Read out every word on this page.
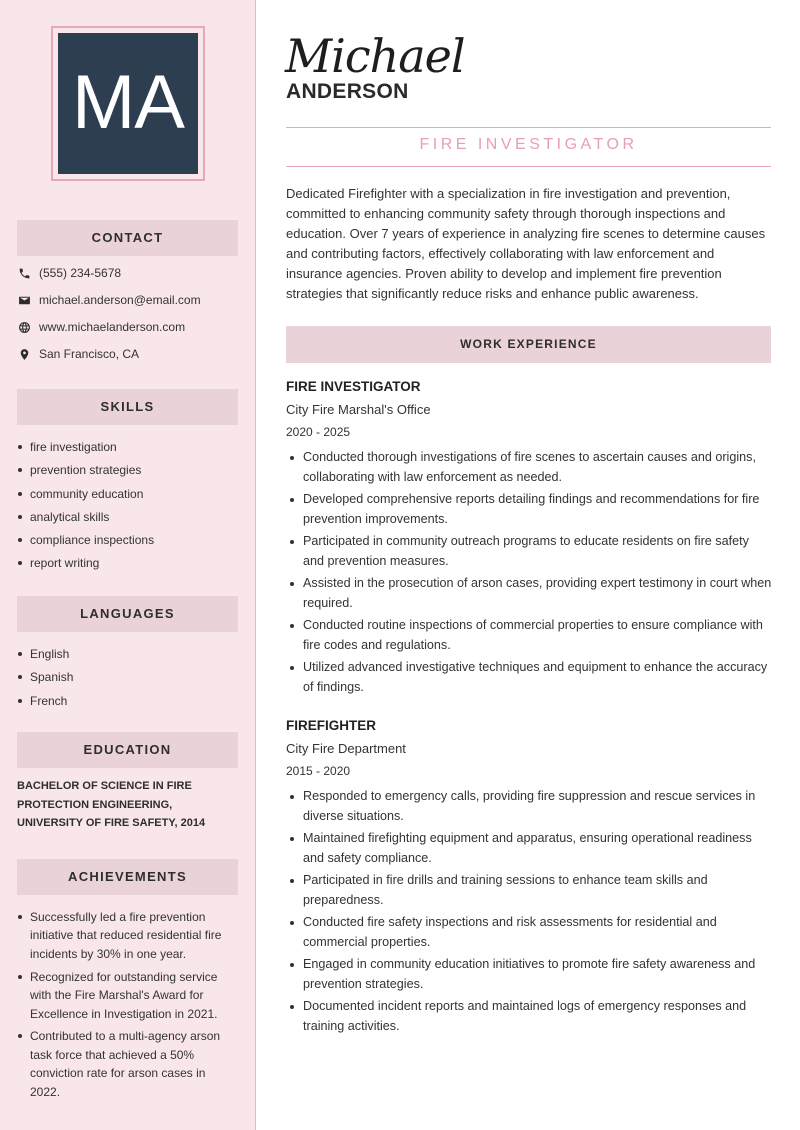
MA
CONTACT
(555) 234-5678
michael.anderson@email.com
www.michaelanderson.com
San Francisco, CA
SKILLS
fire investigation
prevention strategies
community education
analytical skills
compliance inspections
report writing
LANGUAGES
English
Spanish
French
EDUCATION
BACHELOR OF SCIENCE IN FIRE
PROTECTION ENGINEERING,
UNIVERSITY OF FIRE SAFETY, 2014
ACHIEVEMENTS
Successfully led a fire prevention initiative that reduced residential fire incidents by 30% in one year.
Recognized for outstanding service with the Fire Marshal's Award for Excellence in Investigation in 2021.
Contributed to a multi-agency arson task force that achieved a 50% conviction rate for arson cases in 2022.
Michael
ANDERSON
FIRE INVESTIGATOR
Dedicated Firefighter with a specialization in fire investigation and prevention, committed to enhancing community safety through thorough inspections and education. Over 7 years of experience in analyzing fire scenes to determine causes and contributing factors, effectively collaborating with law enforcement and insurance agencies. Proven ability to develop and implement fire prevention strategies that significantly reduce risks and enhance public awareness.
WORK EXPERIENCE
FIRE INVESTIGATOR
City Fire Marshal's Office
2020 - 2025
Conducted thorough investigations of fire scenes to ascertain causes and origins, collaborating with law enforcement as needed.
Developed comprehensive reports detailing findings and recommendations for fire prevention improvements.
Participated in community outreach programs to educate residents on fire safety and prevention measures.
Assisted in the prosecution of arson cases, providing expert testimony in court when required.
Conducted routine inspections of commercial properties to ensure compliance with fire codes and regulations.
Utilized advanced investigative techniques and equipment to enhance the accuracy of findings.
FIREFIGHTER
City Fire Department
2015 - 2020
Responded to emergency calls, providing fire suppression and rescue services in diverse situations.
Maintained firefighting equipment and apparatus, ensuring operational readiness and safety compliance.
Participated in fire drills and training sessions to enhance team skills and preparedness.
Conducted fire safety inspections and risk assessments for residential and commercial properties.
Engaged in community education initiatives to promote fire safety awareness and prevention strategies.
Documented incident reports and maintained logs of emergency responses and training activities.
